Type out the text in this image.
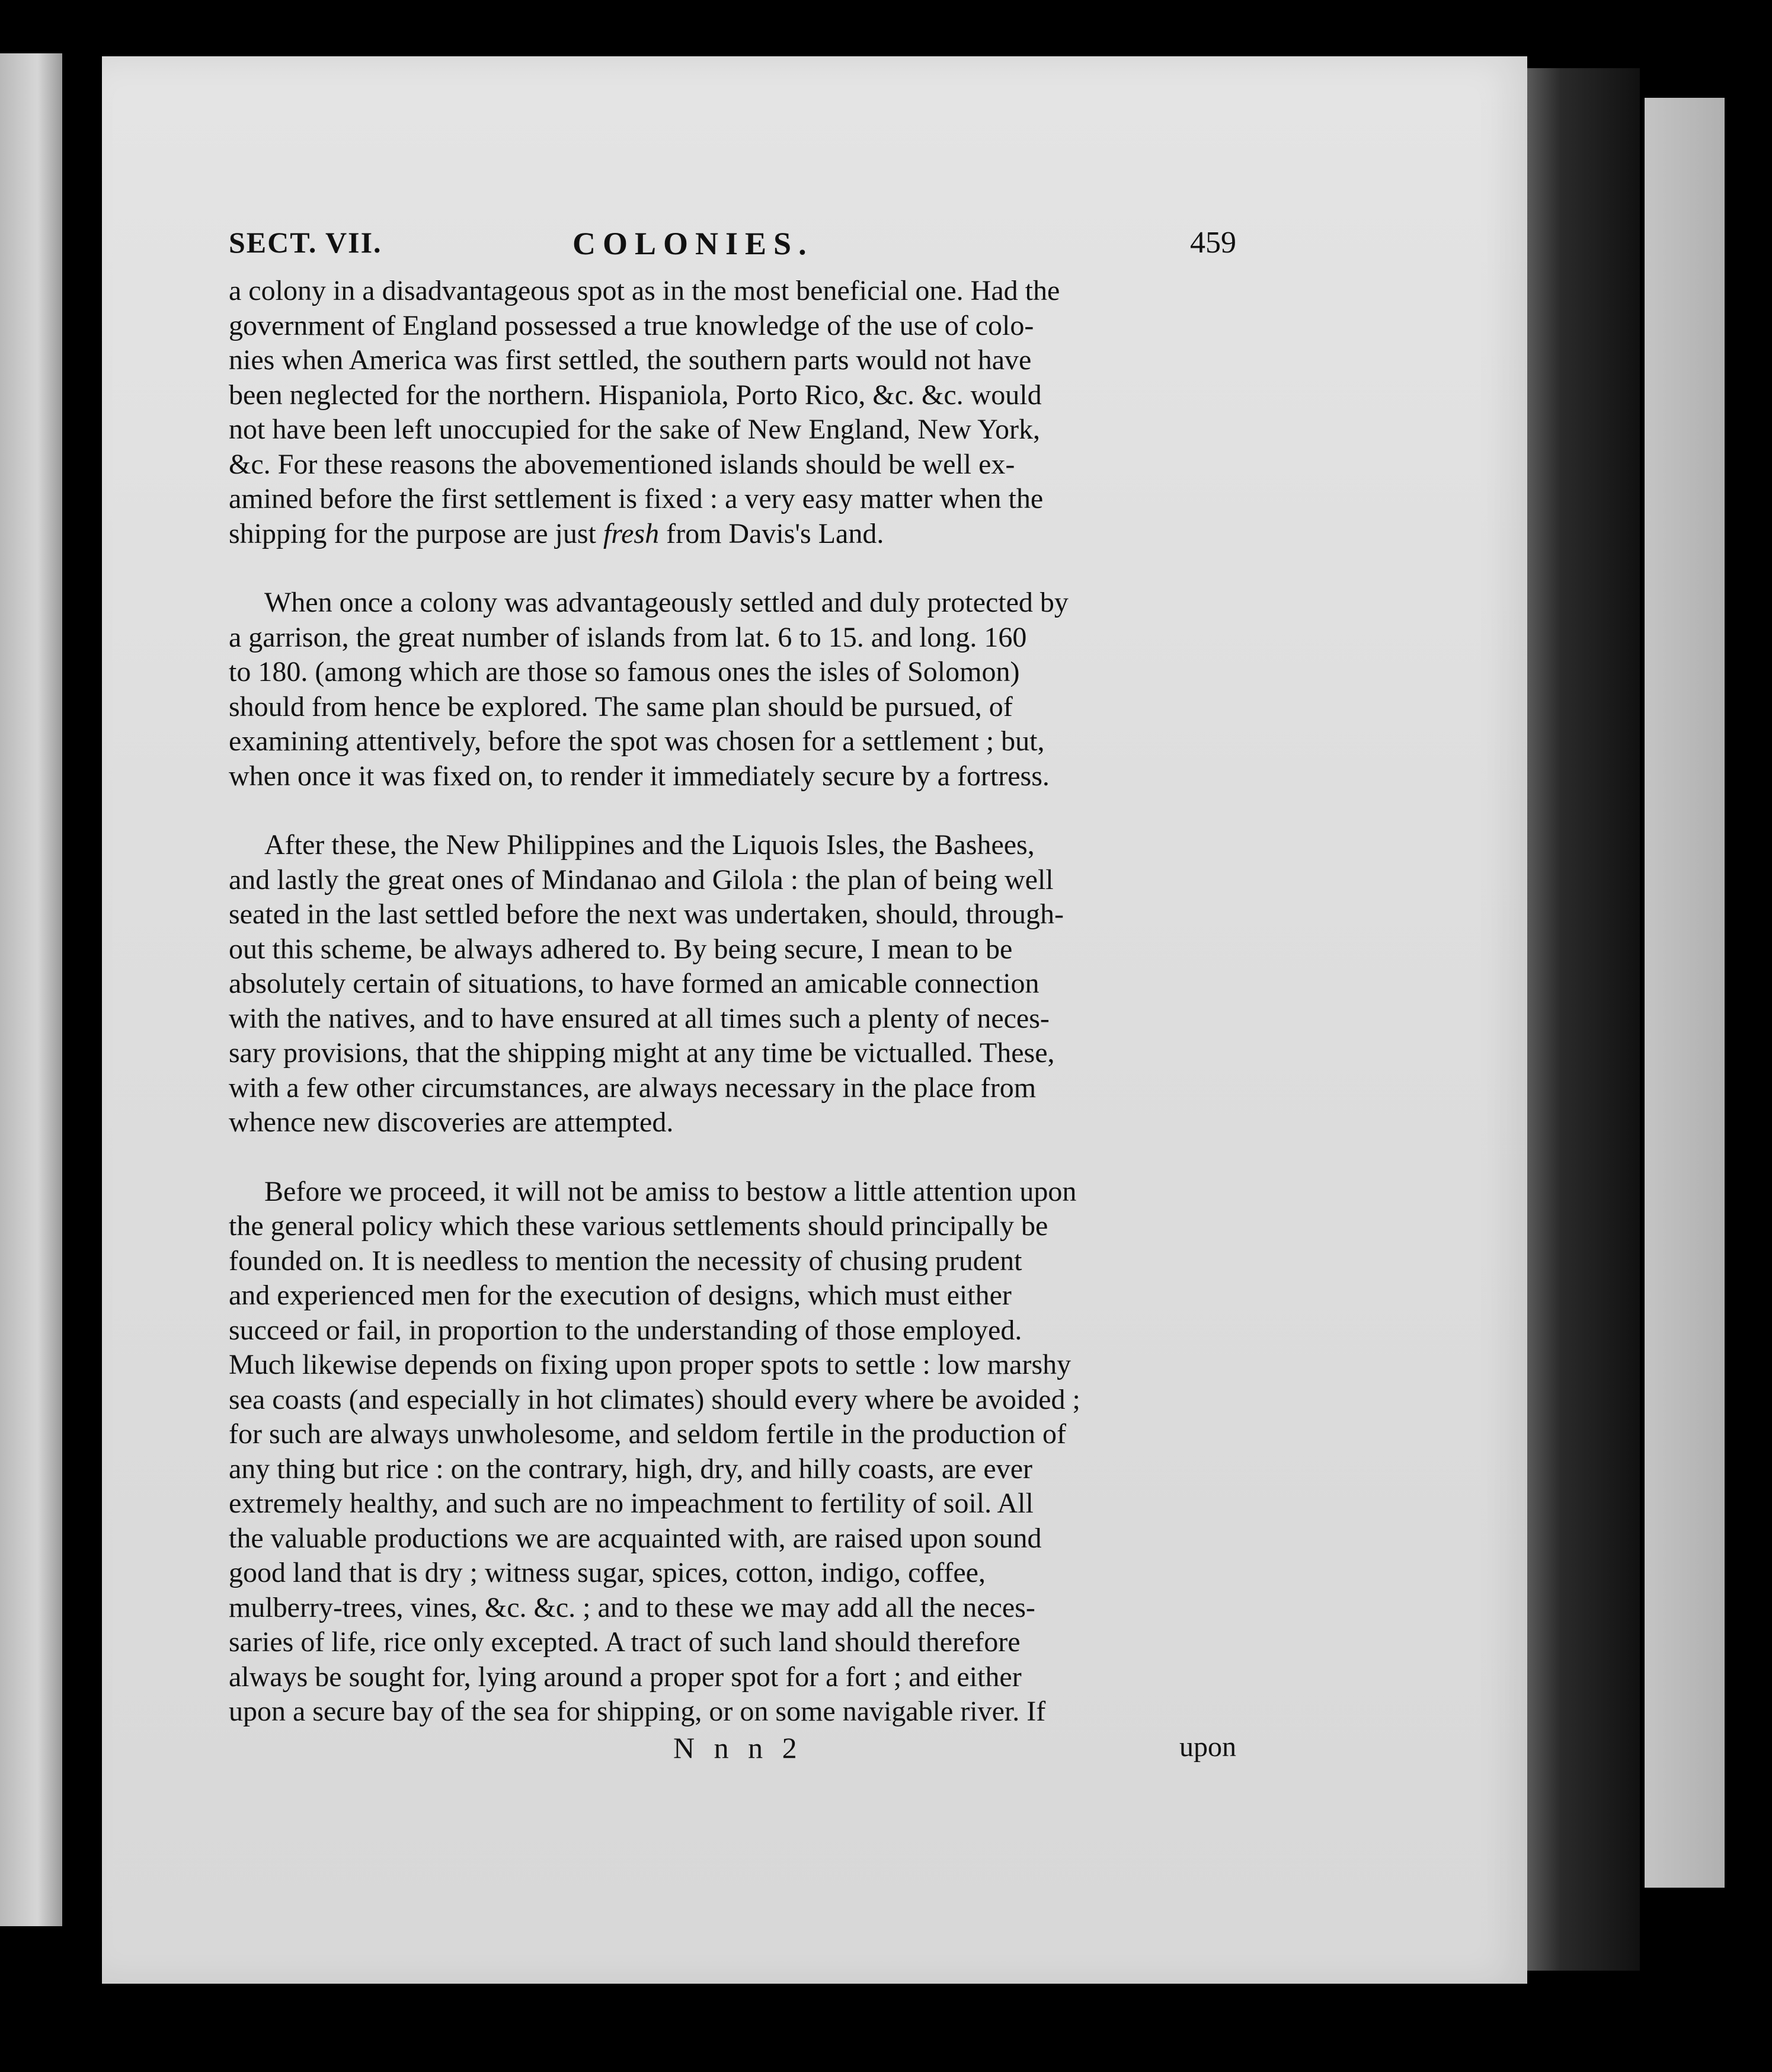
SECT. VII.	COLONIES.	459

a colony in a disadvantageous spot as in the most beneficial one. Had the
government of England possessed a true knowledge of the use of colo-
nies when America was first settled, the southern parts would not have
been neglected for the northern. Hispaniola, Porto Rico, &c. &c. would
not have been left unoccupied for the sake of New England, New York,
&c. For these reasons the abovementioned islands should be well ex-
amined before the first settlement is fixed : a very easy matter when the
shipping for the purpose are just fresh from Davis's Land.

When once a colony was advantageously settled and duly protected by
a garrison, the great number of islands from lat. 6 to 15. and long. 160
to 180. (among which are those so famous ones the isles of Solomon)
should from hence be explored. The same plan should be pursued, of
examining attentively, before the spot was chosen for a settlement ; but,
when once it was fixed on, to render it immediately secure by a fortress.

After these, the New Philippines and the Liquois Isles, the Bashees,
and lastly the great ones of Mindanao and Gilola : the plan of being well
seated in the last settled before the next was undertaken, should, through-
out this scheme, be always adhered to. By being secure, I mean to be
absolutely certain of situations, to have formed an amicable connection
with the natives, and to have ensured at all times such a plenty of neces-
sary provisions, that the shipping might at any time be victualled. These,
with a few other circumstances, are always necessary in the place from
whence new discoveries are attempted.

Before we proceed, it will not be amiss to bestow a little attention upon
the general policy which these various settlements should principally be
founded on. It is needless to mention the necessity of chusing prudent
and experienced men for the execution of designs, which must either
succeed or fail, in proportion to the understanding of those employed.
Much likewise depends on fixing upon proper spots to settle : low marshy
sea coasts (and especially in hot climates) should every where be avoided ;
for such are always unwholesome, and seldom fertile in the production of
any thing but rice : on the contrary, high, dry, and hilly coasts, are ever
extremely healthy, and such are no impeachment to fertility of soil. All
the valuable productions we are acquainted with, are raised upon sound
good land that is dry ; witness sugar, spices, cotton, indigo, coffee,
mulberry-trees, vines, &c. &c. ; and to these we may add all the neces-
saries of life, rice only excepted. A tract of such land should therefore
always be sought for, lying around a proper spot for a fort ; and either
upon a secure bay of the sea for shipping, or on some navigable river. If

N n n 2	upon
